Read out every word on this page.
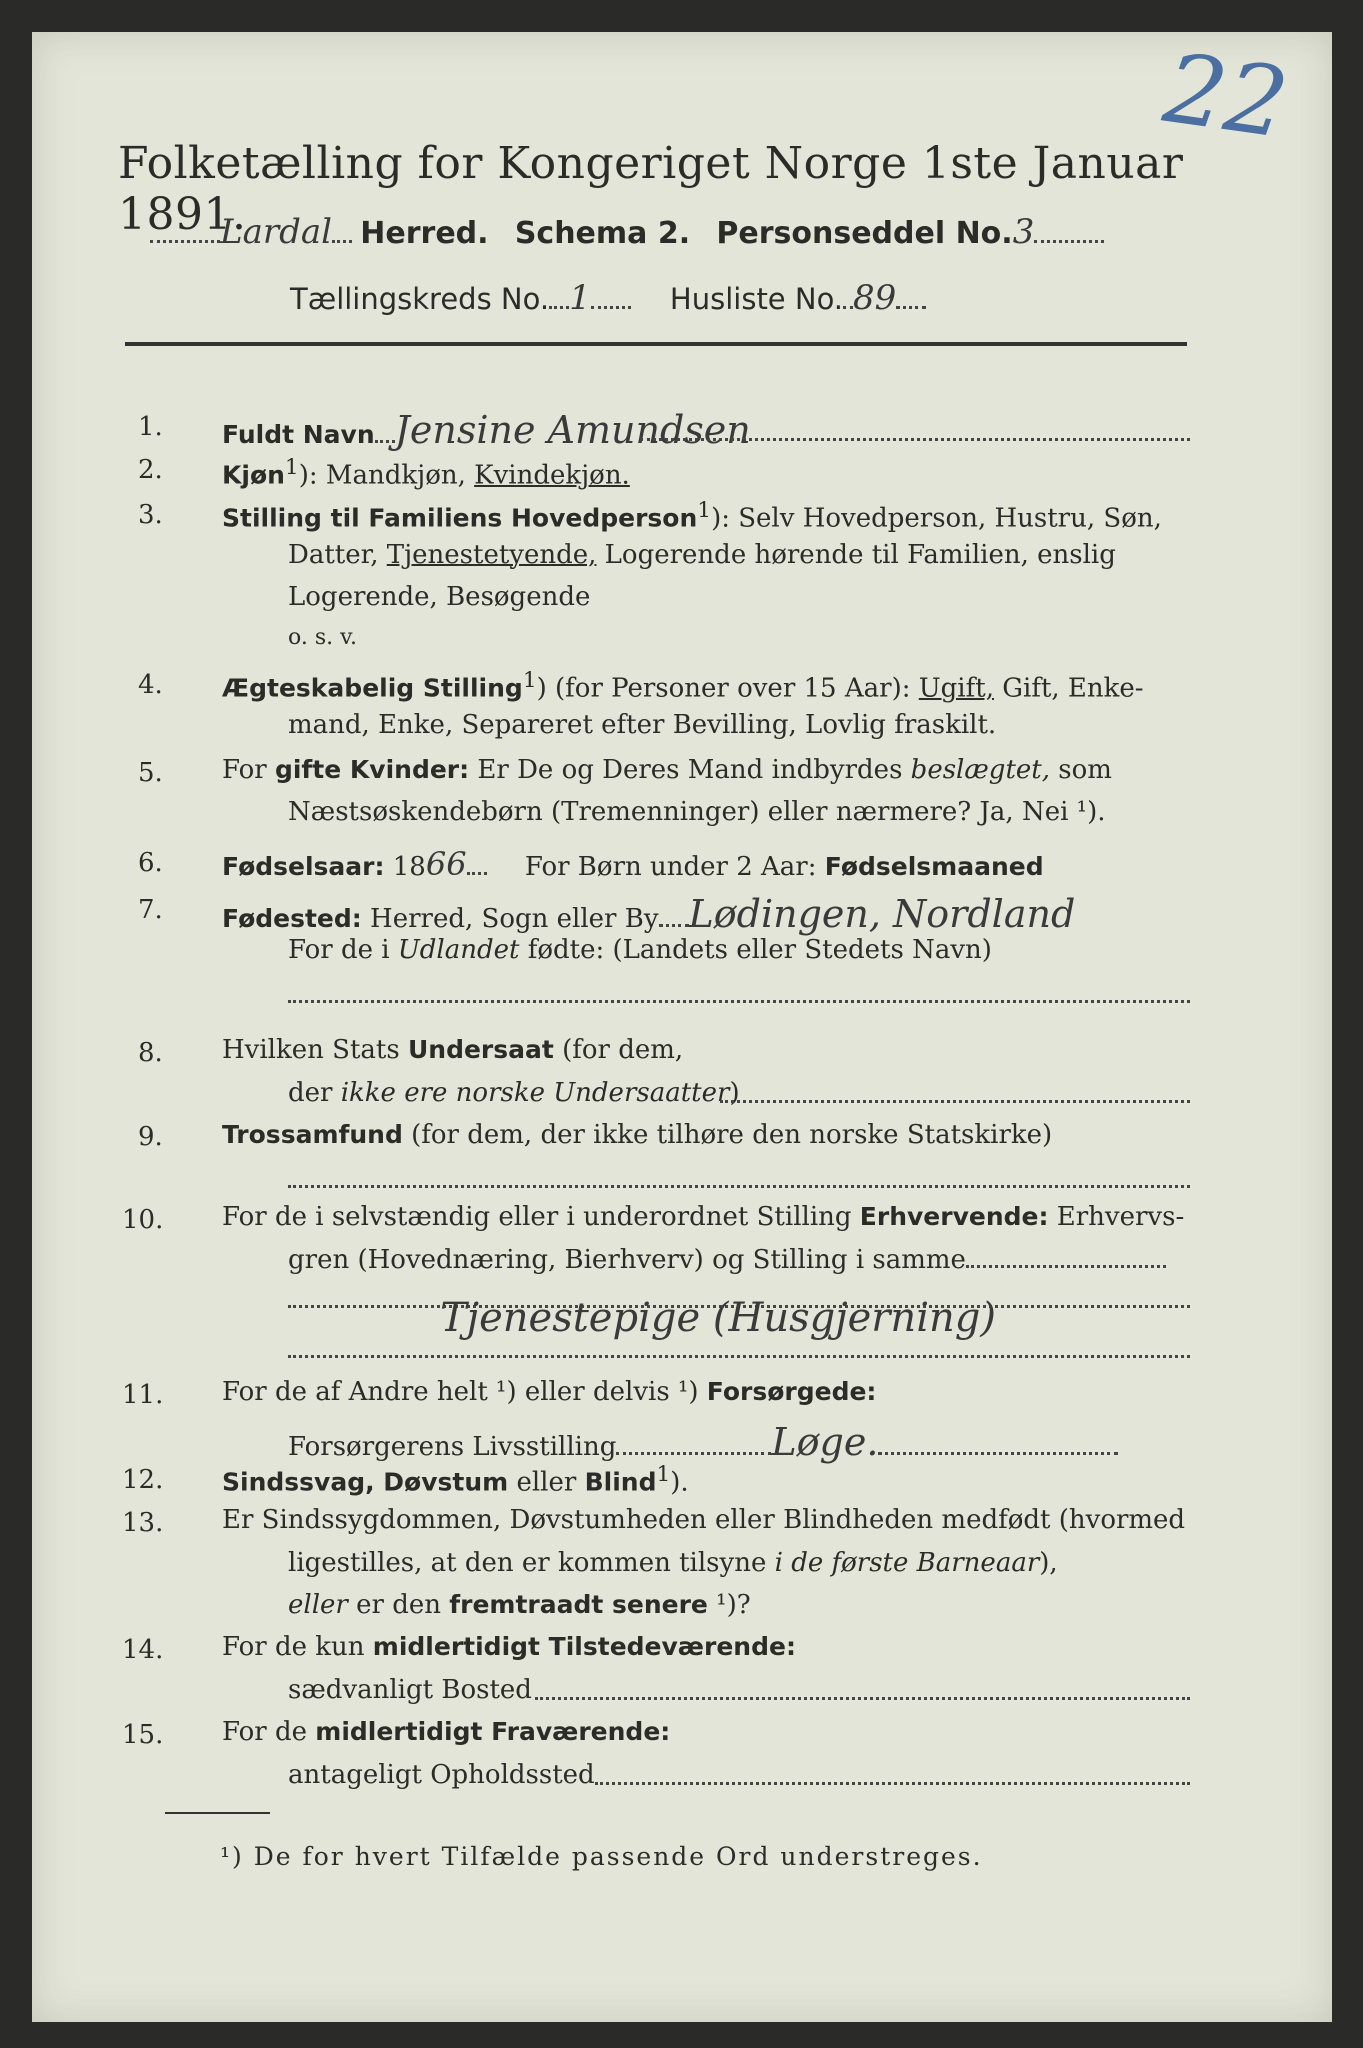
22
Folketælling for Kongeriget Norge 1ste Januar 1891.
Lardal Herred. Schema 2. Personseddel No.3
Tællingskreds No. 1	Husliste No. 89
1. Fuldt Navn Jensine Amundsen
2. Kjøn$^1$): Mandkjøn, Kvindekjøn.
3. Stilling til Familiens Hovedperson$^1$): Selv Hovedperson, Hustru, Søn,
Datter, Tjenestetyende, Logerende hørende til Familien, enslig
Logerende, Besøgende
o. s. v.
4. Ægteskabelig Stilling$^1$) (for Personer over 15 Aar): Ugift, Gift, Enke-
mand, Enke, Separeret efter Bevilling, Lovlig fraskilt.
5. For gifte Kvinder: Er De og Deres Mand indbyrdes beslægtet, som
Næstsøskendebørn (Tremenninger) eller nærmere? Ja, Nei ¹).
6. Fødselsaar: 1866 For Børn under 2 Aar: Fødselsmaaned
7. Fødested: Herred, Sogn eller By Lødingen, Nordland
For de i Udlandet fødte: (Landets eller Stedets Navn)
8. Hvilken Stats Undersaat (for dem,
der ikke ere norske Undersaatter)
9. Trossamfund (for dem, der ikke tilhøre den norske Statskirke)
10. For de i selvstændig eller i underordnet Stilling Erhvervende: Erhvervs-
gren (Hovednæring, Bierhverv) og Stilling i samme
Tjenestepige (Husgjerning)
11. For de af Andre helt ¹) eller delvis ¹) Forsørgede:
Forsørgerens Livsstilling	Løge.
12. Sindssvag, Døvstum eller Blind$^1$).
13. Er Sindssygdommen, Døvstumheden eller Blindheden medfødt (hvormed
ligestilles, at den er kommen tilsyne i de første Barneaar),
eller er den fremtraadt senere ¹)?
14. For de kun midlertidigt Tilstedeværende:
sædvanligt Bosted
15. For de midlertidigt Fraværende:
antageligt Opholdssted
¹) De for hvert Tilfælde passende Ord understreges.
